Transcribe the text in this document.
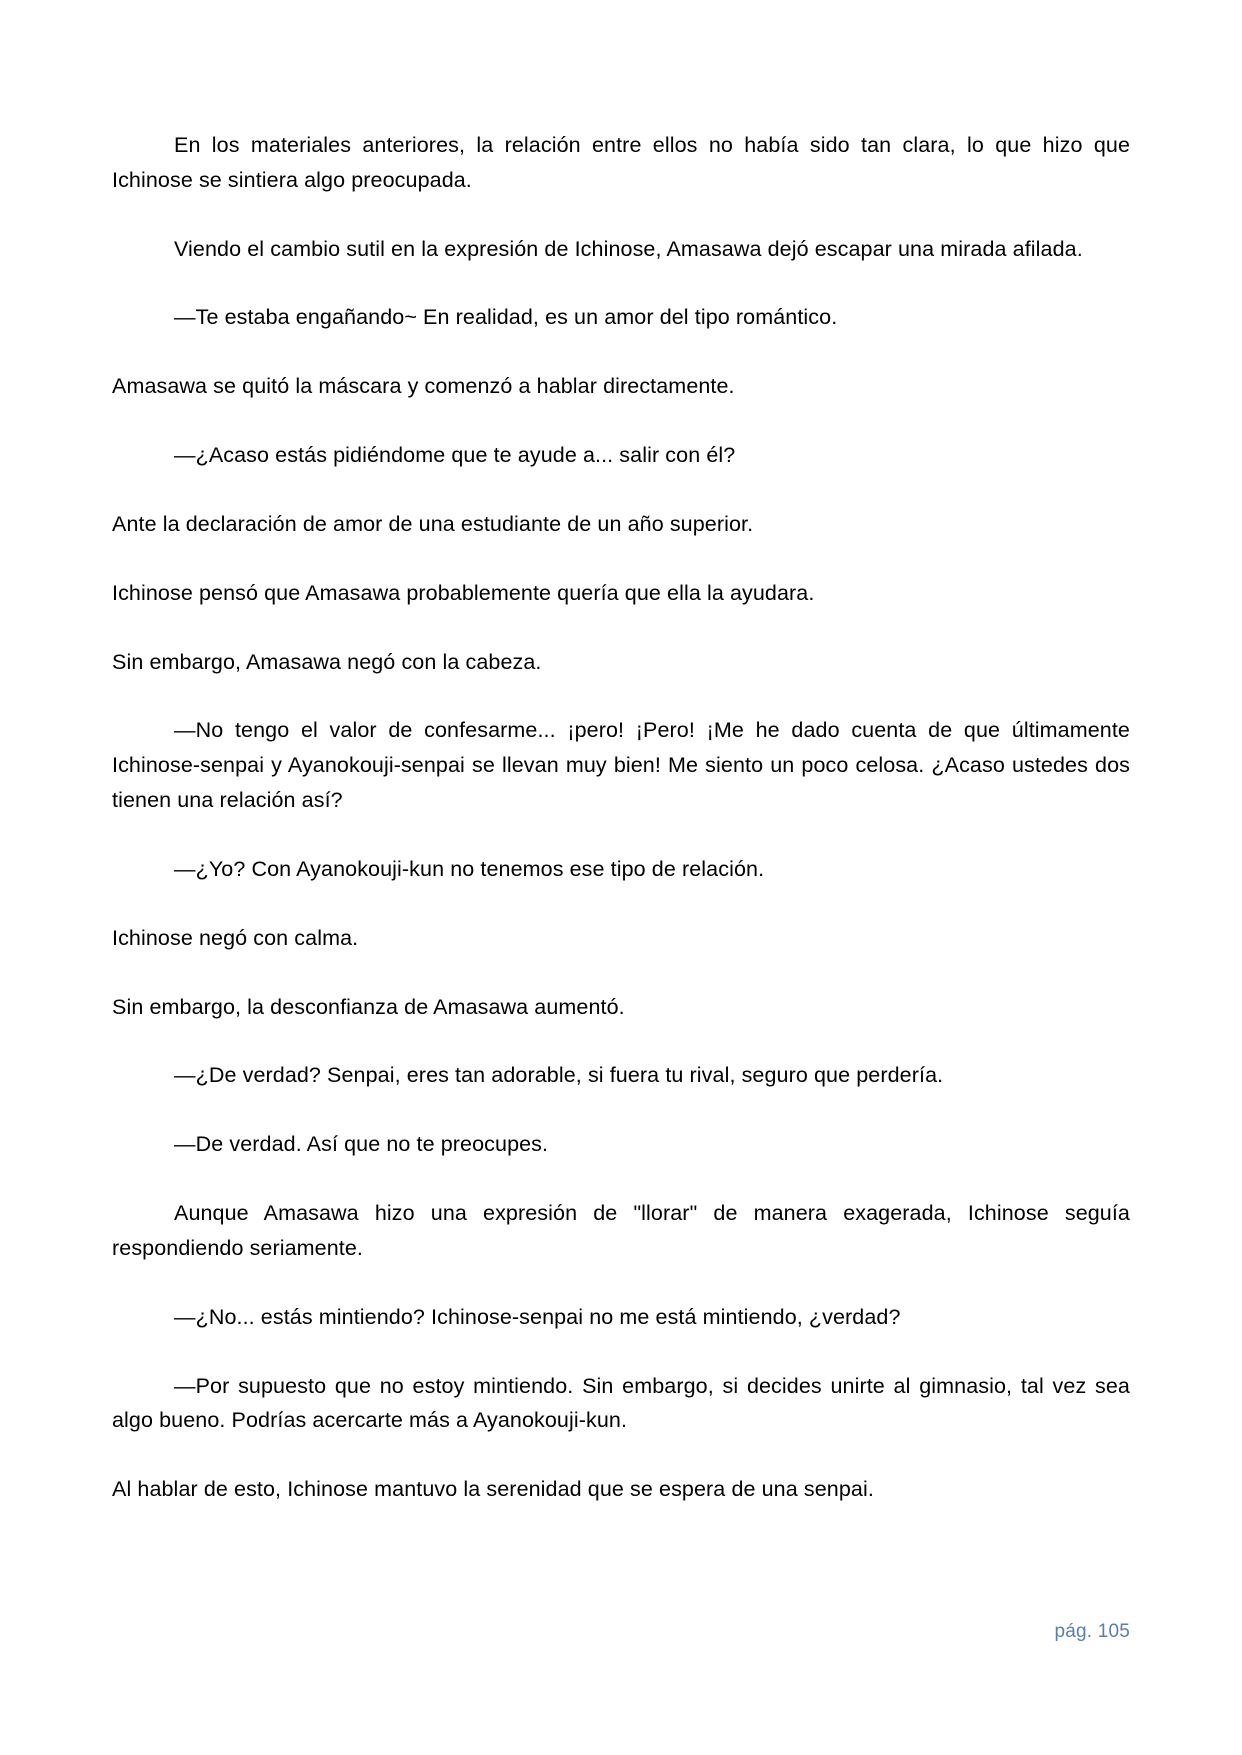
En los materiales anteriores, la relación entre ellos no había sido tan clara, lo que hizo que Ichinose se sintiera algo preocupada.

Viendo el cambio sutil en la expresión de Ichinose, Amasawa dejó escapar una mirada afilada.

—Te estaba engañando~ En realidad, es un amor del tipo romántico.

Amasawa se quitó la máscara y comenzó a hablar directamente.

—¿Acaso estás pidiéndome que te ayude a... salir con él?

Ante la declaración de amor de una estudiante de un año superior.

Ichinose pensó que Amasawa probablemente quería que ella la ayudara.

Sin embargo, Amasawa negó con la cabeza.

—No tengo el valor de confesarme... ¡pero! ¡Pero! ¡Me he dado cuenta de que últimamente Ichinose-senpai y Ayanokouji-senpai se llevan muy bien! Me siento un poco celosa. ¿Acaso ustedes dos tienen una relación así?

—¿Yo? Con Ayanokouji-kun no tenemos ese tipo de relación.

Ichinose negó con calma.

Sin embargo, la desconfianza de Amasawa aumentó.

—¿De verdad? Senpai, eres tan adorable, si fuera tu rival, seguro que perdería.

—De verdad. Así que no te preocupes.

Aunque Amasawa hizo una expresión de "llorar" de manera exagerada, Ichinose seguía respondiendo seriamente.

—¿No... estás mintiendo? Ichinose-senpai no me está mintiendo, ¿verdad?

—Por supuesto que no estoy mintiendo. Sin embargo, si decides unirte al gimnasio, tal vez sea algo bueno. Podrías acercarte más a Ayanokouji-kun.

Al hablar de esto, Ichinose mantuvo la serenidad que se espera de una senpai.

pág. 105
